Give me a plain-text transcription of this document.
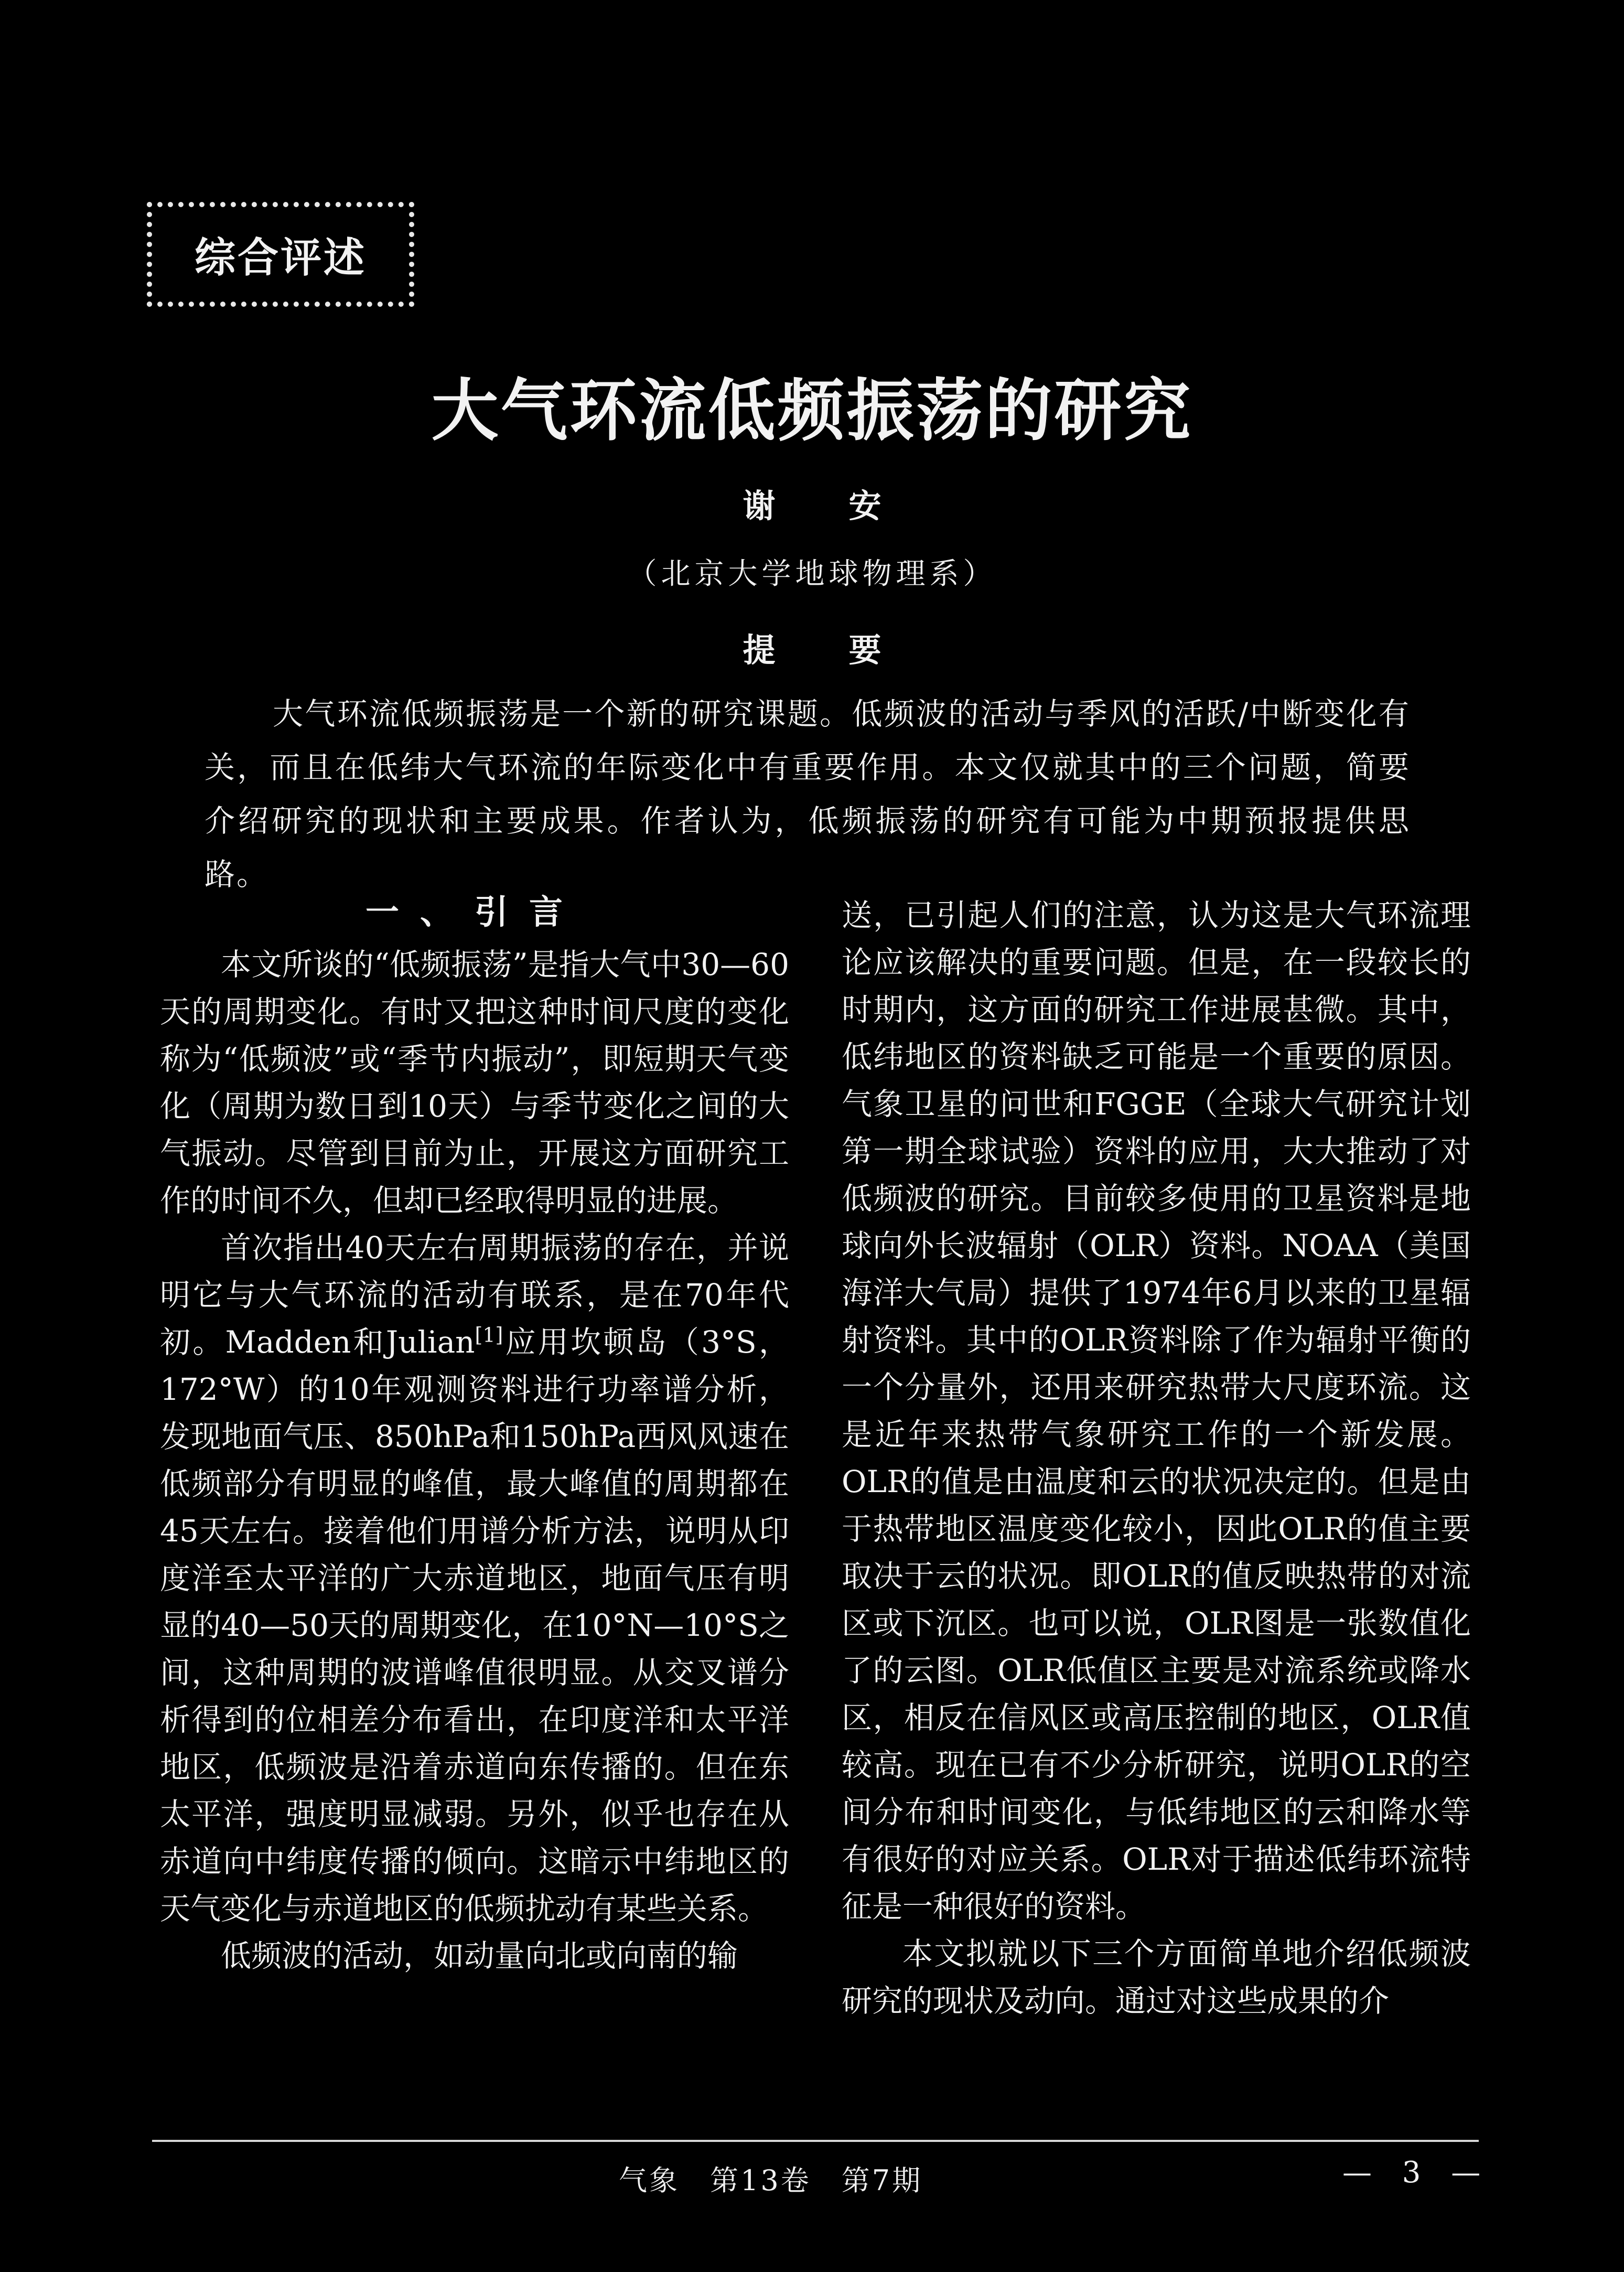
综合评述
大气环流低频振荡的研究
谢安
（北京大学地球物理系）
提要
大气环流低频振荡是一个新的研究课题。低频波的活动与季风的活跃/中断变化有关，而且在低纬大气环流的年际变化中有重要作用。本文仅就其中的三个问题，简要介绍研究的现状和主要成果。作者认为，低频振荡的研究有可能为中期预报提供思路。
一、引言

本文所谈的“低频振荡”是指大气中30—60天的周期变化。有时又把这种时间尺度的变化称为“低频波”或“季节内振动”，即短期天气变化（周期为数日到10天）与季节变化之间的大气振动。尽管到目前为止，开展这方面研究工作的时间不久，但却已经取得明显的进展。

首次指出40天左右周期振荡的存在，并说明它与大气环流的活动有联系，是在70年代初。Madden和Julian[1]应用坎顿岛（3°S，172°W）的10年观测资料进行功率谱分析，发现地面气压、850hPa和150hPa西风风速在低频部分有明显的峰值，最大峰值的周期都在45天左右。接着他们用谱分析方法，说明从印度洋至太平洋的广大赤道地区，地面气压有明显的40—50天的周期变化，在10°N—10°S之间，这种周期的波谱峰值很明显。从交叉谱分析得到的位相差分布看出，在印度洋和太平洋地区，低频波是沿着赤道向东传播的。但在东太平洋，强度明显减弱。另外，似乎也存在从赤道向中纬度传播的倾向。这暗示中纬地区的天气变化与赤道地区的低频扰动有某些关系。

低频波的活动，如动量向北或向南的输

送，已引起人们的注意，认为这是大气环流理论应该解决的重要问题。但是，在一段较长的时期内，这方面的研究工作进展甚微。其中，低纬地区的资料缺乏可能是一个重要的原因。气象卫星的问世和FGGE（全球大气研究计划第一期全球试验）资料的应用，大大推动了对低频波的研究。目前较多使用的卫星资料是地球向外长波辐射（OLR）资料。NOAA（美国海洋大气局）提供了1974年6月以来的卫星辐射资料。其中的OLR资料除了作为辐射平衡的一个分量外，还用来研究热带大尺度环流。这是近年来热带气象研究工作的一个新发展。OLR的值是由温度和云的状况决定的。但是由于热带地区温度变化较小，因此OLR的值主要取决于云的状况。即OLR的值反映热带的对流区或下沉区。也可以说，OLR图是一张数值化了的云图。OLR低值区主要是对流系统或降水区，相反在信风区或高压控制的地区，OLR值较高。现在已有不少分析研究，说明OLR的空间分布和时间变化，与低纬地区的云和降水等有很好的对应关系。OLR对于描述低纬环流特征是一种很好的资料。

本文拟就以下三个方面简单地介绍低频波研究的现状及动向。通过对这些成果的介

气象　第13卷　第7期	— 3 —
